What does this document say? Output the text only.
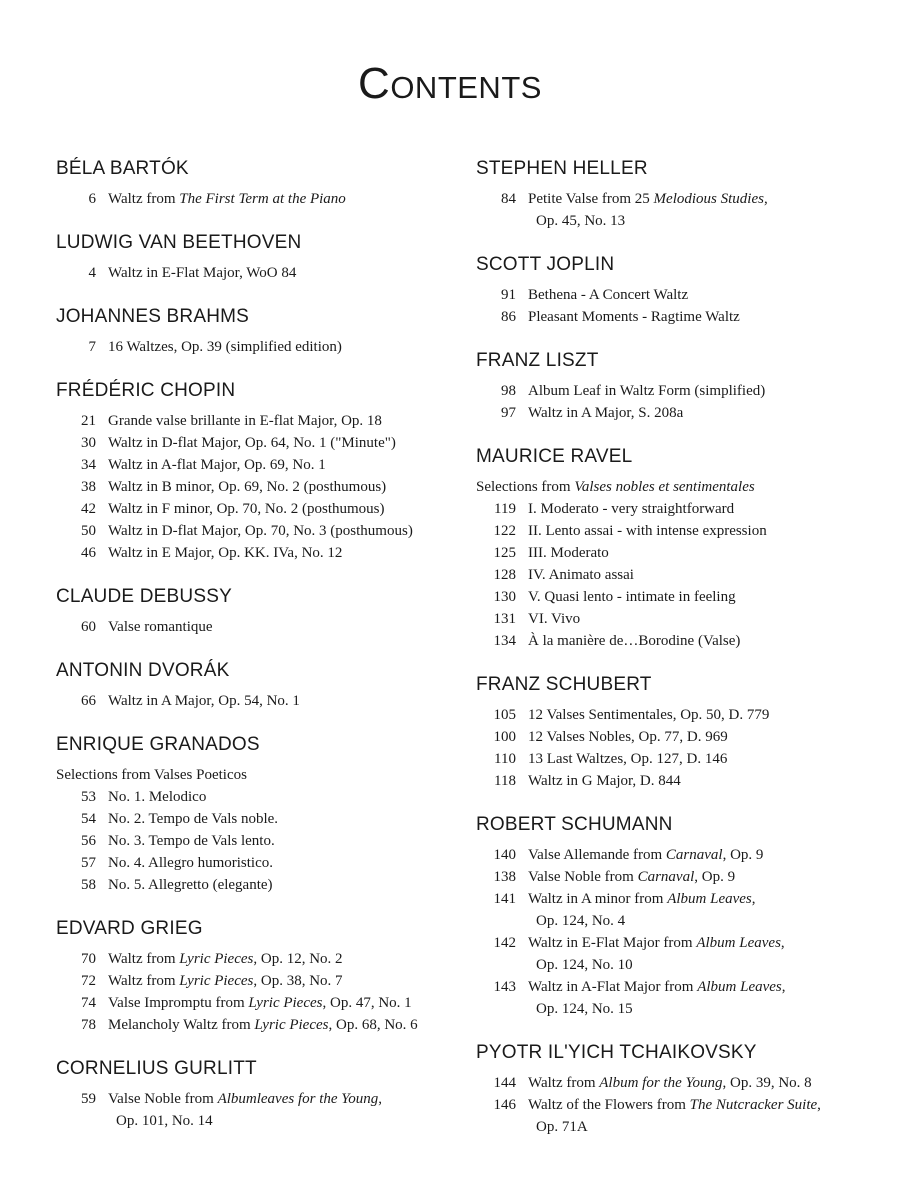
Contents
BÉLA BARTÓK
6 Waltz from The First Term at the Piano
LUDWIG VAN BEETHOVEN
4 Waltz in E-Flat Major, WoO 84
JOHANNES BRAHMS
7 16 Waltzes, Op. 39 (simplified edition)
FRÉDÉRIC CHOPIN
21 Grande valse brillante in E-flat Major, Op. 18
30 Waltz in D-flat Major, Op. 64, No. 1 ("Minute")
34 Waltz in A-flat Major, Op. 69, No. 1
38 Waltz in B minor, Op. 69, No. 2 (posthumous)
42 Waltz in F minor, Op. 70, No. 2 (posthumous)
50 Waltz in D-flat Major, Op. 70, No. 3 (posthumous)
46 Waltz in E Major, Op. KK. IVa, No. 12
CLAUDE DEBUSSY
60 Valse romantique
ANTONIN DVORÁK
66 Waltz in A Major, Op. 54, No. 1
ENRIQUE GRANADOS
Selections from Valses Poeticos
53 No. 1. Melodico
54 No. 2. Tempo de Vals noble.
56 No. 3. Tempo de Vals lento.
57 No. 4. Allegro humoristico.
58 No. 5. Allegretto (elegante)
EDVARD GRIEG
70 Waltz from Lyric Pieces, Op. 12, No. 2
72 Waltz from Lyric Pieces, Op. 38, No. 7
74 Valse Impromptu from Lyric Pieces, Op. 47, No. 1
78 Melancholy Waltz from Lyric Pieces, Op. 68, No. 6
CORNELIUS GURLITT
59 Valse Noble from Albumleaves for the Young,
Op. 101, No. 14
STEPHEN HELLER
84 Petite Valse from 25 Melodious Studies,
Op. 45, No. 13
SCOTT JOPLIN
91 Bethena - A Concert Waltz
86 Pleasant Moments - Ragtime Waltz
FRANZ LISZT
98 Album Leaf in Waltz Form (simplified)
97 Waltz in A Major, S. 208a
MAURICE RAVEL
Selections from Valses nobles et sentimentales
119 I. Moderato - very straightforward
122 II. Lento assai - with intense expression
125 III. Moderato
128 IV. Animato assai
130 V. Quasi lento - intimate in feeling
131 VI. Vivo
134 À la manière de…Borodine (Valse)
FRANZ SCHUBERT
105 12 Valses Sentimentales, Op. 50, D. 779
100 12 Valses Nobles, Op. 77, D. 969
110 13 Last Waltzes, Op. 127, D. 146
118 Waltz in G Major, D. 844
ROBERT SCHUMANN
140 Valse Allemande from Carnaval, Op. 9
138 Valse Noble from Carnaval, Op. 9
141 Waltz in A minor from Album Leaves,
Op. 124, No. 4
142 Waltz in E-Flat Major from Album Leaves,
Op. 124, No. 10
143 Waltz in A-Flat Major from Album Leaves,
Op. 124, No. 15
PYOTR IL'YICH TCHAIKOVSKY
144 Waltz from Album for the Young, Op. 39, No. 8
146 Waltz of the Flowers from The Nutcracker Suite,
Op. 71A
